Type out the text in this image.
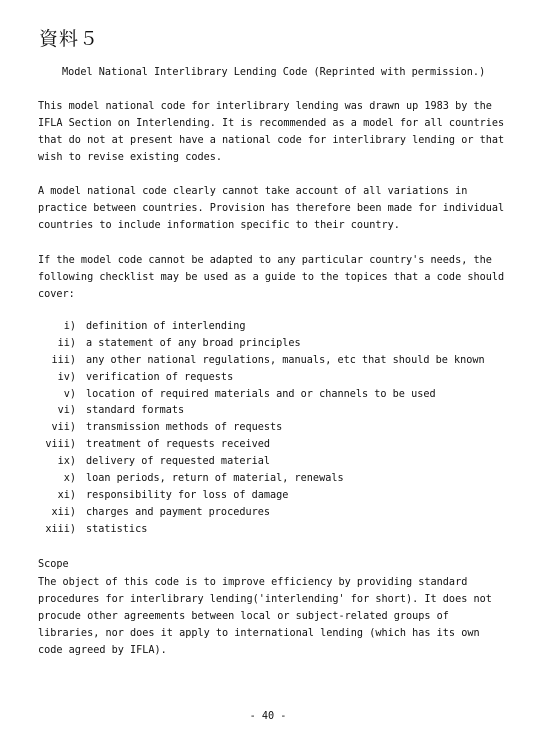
資料５
Model National Interlibrary Lending Code (Reprinted with permission.)

This model national code for interlibrary lending was drawn up 1983 by the IFLA Section on Interlending. It is recommended as a model for all countries that do not at present have a national code for interlibrary lending or that wish to revise existing codes.

A model national code clearly cannot take account of all variations in practice between countries. Provision has therefore been made for individual countries to include information specific to their country.

If the model code cannot be adapted to any particular country's needs, the following checklist may be used as a guide to the topices that a code should cover:

i) definition of interlending
ii) a statement of any broad principles
iii) any other national regulations, manuals, etc that should be known
iv) verification of requests
v) location of required materials and or channels to be used
vi) standard formats
vii) transmission methods of requests
viii) treatment of requests received
ix) delivery of requested material
x) loan periods, return of material, renewals
xi) responsibility for loss of damage
xii) charges and payment procedures
xiii) statistics
Scope

The object of this code is to improve efficiency by providing standard procedures for interlibrary lending('interlending' for short). It does not procude other agreements between local or subject-related groups of libraries, nor does it apply to international lending (which has its own code agreed by IFLA).

- 40 -
